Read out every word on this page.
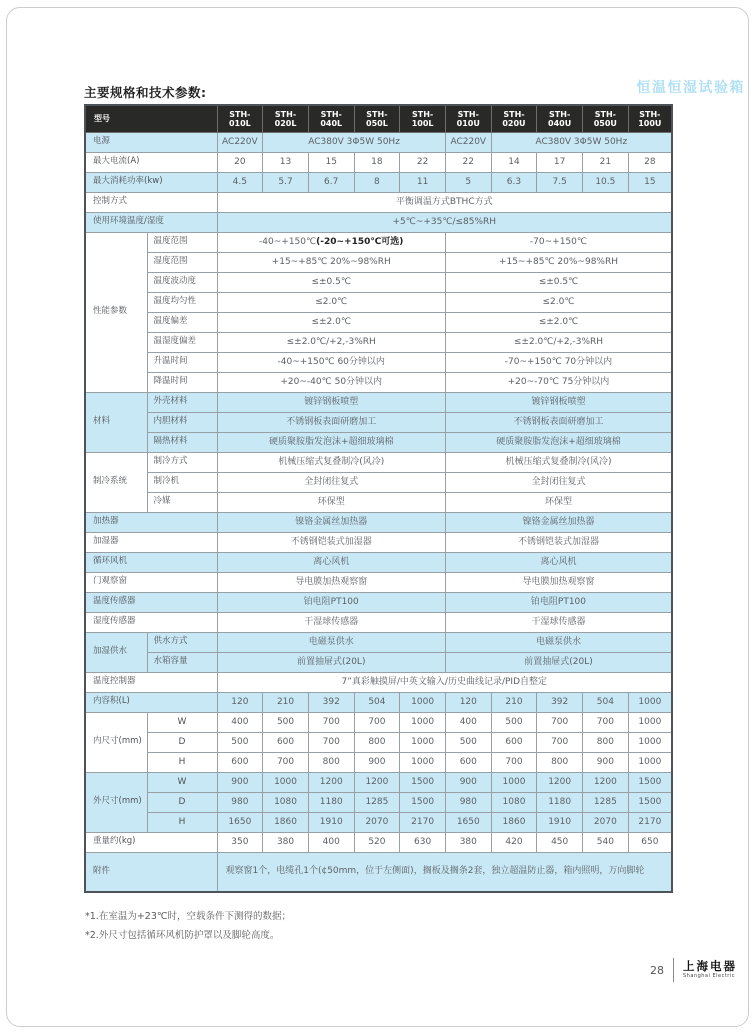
主要规格和技术参数:	恒温恒湿试验箱
型号		STH-010L	STH-020L	STH-040L	STH-050L	STH-100L	STH-010U	STH-020U	STH-040U	STH-050U	STH-100U
电源		AC220V	AC380V 3Φ5W 50Hz				AC220V	AC380V 3Φ5W 50Hz			
最大电流(A)		20	13	15	18	22	22	14	17	21	28
最大消耗功率(kw)		4.5	5.7	6.7	8	11	5	6.3	7.5	10.5	15
控制方式		平衡调温方式BTHC方式									
使用环境温度/湿度		+5℃~+35℃/≤85%RH									
性能参数	温度范围	-40~+150℃(-20~+150℃可选)					-70~+150℃				
	湿度范围	+15~+85℃ 20%~98%RH					+15~+85℃ 20%~98%RH				
	温度波动度	≤±0.5℃					≤±0.5℃				
	温度均匀性	≤2.0℃					≤2.0℃				
	温度偏差	≤±2.0℃					≤±2.0℃				
	温湿度偏差	≤±2.0℃/+2,-3%RH					≤±2.0℃/+2,-3%RH				
	升温时间	-40~+150℃ 60分钟以内					-70~+150℃ 70分钟以内				
	降温时间	+20~-40℃ 50分钟以内					+20~-70℃ 75分钟以内				
材料	外壳材料	镀锌钢板喷塑					镀锌钢板喷塑				
	内胆材料	不锈钢板表面研磨加工					不锈钢板表面研磨加工				
	隔热材料	硬质聚胺脂发泡沫+超细玻璃棉					硬质聚胺脂发泡沫+超细玻璃棉				
制冷系统	制冷方式	机械压缩式复叠制冷(风冷)					机械压缩式复叠制冷(风冷)				
	制冷机	全封闭往复式					全封闭往复式				
	冷媒	环保型					环保型				
加热器		镍铬金属丝加热器					镍铬金属丝加热器				
加湿器		不锈钢铠装式加湿器					不锈钢铠装式加湿器				
循环风机		离心风机					离心风机				
门观察窗		导电膜加热观察窗					导电膜加热观察窗				
温度传感器		铂电阻PT100					铂电阻PT100				
湿度传感器		干湿球传感器					干湿球传感器				
加湿供水	供水方式	电磁泵供水					电磁泵供水				
	水箱容量	前置抽屉式(20L)					前置抽屉式(20L)				
温度控制器		7”真彩触摸屏/中英文输入/历史曲线记录/PID自整定									
内容积(L)		120	210	392	504	1000	120	210	392	504	1000
内尺寸(mm)	W	400	500	700	700	1000	400	500	700	700	1000
	D	500	600	700	800	1000	500	600	700	800	1000
	H	600	700	800	900	1000	600	700	800	900	1000
外尺寸(mm)	W	900	1000	1200	1200	1500	900	1000	1200	1200	1500
	D	980	1080	1180	1285	1500	980	1080	1180	1285	1500
	H	1650	1860	1910	2070	2170	1650	1860	1910	2070	2170
重量约(kg)		350	380	400	520	630	380	420	450	540	650
附件		观察窗1个，电缆孔1个(¢50mm，位于左侧面)，搁板及搁条2套，独立超温防止器，箱内照明，万向脚轮									
*1.在室温为+23℃时，空载条件下测得的数据；
*2.外尺寸包括循环风机防护罩以及脚轮高度。
28 上海电器
Shanghai Electric
